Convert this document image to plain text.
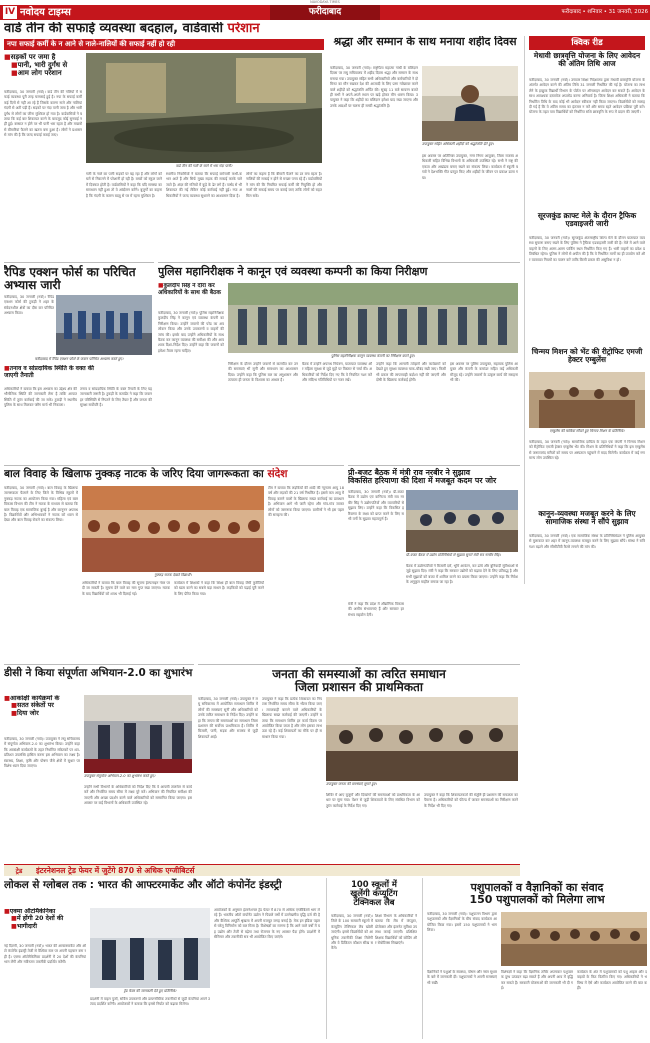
NAVODAYA TIMES
IV नवोदय टाइम्स	फरीदाबाद	फरीदाबाद • शनिवार • 31 जनवरी, 2026
वार्ड तीन की सफाई व्यवस्था बदहाल, वार्डवासी परेशान
नपा सफाई कर्मी के न आने से नाले-नालियों की सफाई नहीं हो रही
■ सड़कों पर जमा है
■ पानी, भारी दुर्गंध से
■ आम लोग परेशान
फरीदाबाद, 30 जनवरी (नवो)। वार्ड तीन की गलियों में सफाई व्यवस्था पूरी तरह चरमराई हुई है। नपा के सफाई कर्मी कई दिनों से नहीं आ रहे हैं जिसके कारण नाले और नालियां गंदगी से अटी पड़ी हैं। सड़कों पर गंदा पानी जमा है और भारी दुर्गंध से लोगों का जीना मुश्किल हो गया है। वार्डवासियों ने बताया कि कई बार शिकायत करने के बावजूद कोई सुनवाई नहीं हुई। बरसात न होने पर भी पानी भरा रहता है और मच्छरों से बीमारियां फैलने का खतरा बना हुआ है। लोगों ने प्रशासन से मांग की है कि जल्द सफाई कराई जाए।
वार्ड तीन की गली के नाले में भरा गंदा पानी।
गली के नाले का पानी सड़कों पर बह रहा है और लोगों को घरों से निकलने में परेशानी हो रही है। बच्चों को स्कूल जाने में दिक्कत होती है। वार्डवासियों ने कहा कि यदि समस्या का समाधान नहीं हुआ तो वे आंदोलन करेंगे। बुजुर्गों का कहना है कि गंदगी के कारण बदबू से घर में रहना मुश्किल है।
स्थानीय निवासियों ने बताया कि सफाई कर्मचारी कभी-कभार आते हैं और सिर्फ मुख्य सड़क की सफाई करके चले जाते हैं। अंदर की गलियों में कूड़े के ढेर लगे हैं। पार्षद से भी शिकायत की गई लेकिन कोई कार्रवाई नहीं हुई। नपा अधिकारियों ने जल्द व्यवस्था सुधारने का आश्वासन दिया है।
लोगों का कहना है कि बीमारी फैलने का डर बना रहता है। नालियों की सफाई न होने से मच्छर पनप रहे हैं। वार्डवासियों ने मांग की कि नियमित सफाई कर्मी की नियुक्ति हो और नालों की सफाई समय पर कराई जाए ताकि लोगों को राहत मिल सके।
श्रद्धा और सम्मान के साथ मनाया शहीद दिवस
फरीदाबाद, 30 जनवरी (नवो)। राष्ट्रपिता महात्मा गांधी के बलिदान दिवस पर लघु सचिवालय में शहीद दिवस श्रद्धा और सम्मान के साथ मनाया गया। उपायुक्त सहित सभी अधिकारियों और कर्मचारियों ने दो मिनट का मौन रखकर देश की आजादी के लिए प्राण न्योछावर करने वाले शहीदों को श्रद्धांजलि अर्पित की। सुबह 11 बजे सायरन बजते ही सभी ने अपने-अपने स्थान पर खड़े होकर मौन धारण किया। उपायुक्त ने कहा कि शहीदों का बलिदान हमेशा याद रखा जाएगा और उनके आदर्शों पर चलना ही सच्ची श्रद्धांजलि है।
उपायुक्त सहित अधिकारी शहीदों को श्रद्धांजलि देते हुए।
इस अवसर पर अतिरिक्त उपायुक्त, नगर निगम आयुक्त, जिला राजस्व अधिकारी सहित विभिन्न विभागों के अधिकारी उपस्थित रहे। सभी ने राष्ट्र की एकता और अखंडता बनाए रखने का संकल्प लिया। कार्यक्रम में स्कूली बच्चों ने देशभक्ति गीत प्रस्तुत किए और शहीदों के जीवन पर प्रकाश डाला गया।
क्विक रीड
मेधावी छात्रवृत्ति योजना के लिए आवेदन की अंतिम तिथि आज
फरीदाबाद, 30 जनवरी (नवो)। उच्चतर शिक्षा निदेशालय द्वारा मेधावी छात्रवृत्ति योजना के अंतर्गत आवेदन करने की अंतिम तिथि 31 जनवरी निर्धारित की गई है। योजना का लाभ लेने के इच्छुक विद्यार्थी विभाग के पोर्टल पर ऑनलाइन आवेदन कर सकते हैं। आवेदन के साथ आवश्यक दस्तावेज अपलोड करना अनिवार्य है। जिला शिक्षा अधिकारी ने बताया कि निर्धारित तिथि के बाद कोई भी आवेदन स्वीकार नहीं किया जाएगा। विद्यार्थियों को सलाह दी गई है कि वे अंतिम समय का इंतजार न करें और समय रहते आवेदन प्रक्रिया पूरी करें। योजना के तहत पात्र विद्यार्थियों को निर्धारित राशि छात्रवृत्ति के रूप में प्रदान की जाएगी।
सूरजकुंड क्राफ्ट मेले के दौरान ट्रैफिक एडवाइजरी जारी
फरीदाबाद, 30 जनवरी (नवो)। सूरजकुंड अंतरराष्ट्रीय शिल्प मेले के दौरान यातायात व्यवस्था सुचारू बनाए रखने के लिए पुलिस ने ट्रैफिक एडवाइजरी जारी की है। मेले में आने वाले वाहनों के लिए अलग-अलग पार्किंग स्थल निर्धारित किए गए हैं। भारी वाहनों का प्रवेश प्रतिबंधित रहेगा। पुलिस ने लोगों से अपील की है कि वे निर्धारित मार्गों का ही उपयोग करें और यातायात नियमों का पालन करें ताकि किसी प्रकार की असुविधा न हो।
चिन्मय मिशन को भेंट की रीट्रोफिट एमजी हेक्टर एम्बुलेंस
एम्बुलेंस की चाबियां सौंपते हुए चिन्मय मिशन के प्रतिनिधि।
फरीदाबाद, 30 जनवरी (नवो)। सामाजिक दायित्व के तहत एक कंपनी ने चिन्मय मिशन को रीट्रोफिट एमजी हेक्टर एम्बुलेंस भेंट की। मिशन के प्रतिनिधियों ने कहा कि इस एम्बुलेंस से जरूरतमंद मरीजों को समय पर अस्पताल पहुंचाने में मदद मिलेगी। कार्यक्रम में कई गणमान्य लोग उपस्थित रहे।
कानून-व्यवस्था मजबूत करने के लिए सामाजिक संस्था ने सौंपे सुझाव
फरीदाबाद, 30 जनवरी (नवो)। एक सामाजिक संस्था के प्रतिनिधिमंडल ने पुलिस आयुक्त से मुलाकात कर शहर में कानून-व्यवस्था मजबूत करने के लिए सुझाव सौंपे। संस्था ने रात्रि गश्त बढ़ाने और सीसीटीवी कैमरे लगाने की मांग की।
रैपिड एक्शन फोर्स का परिचित अभ्यास जारी
फरीदाबाद, 30 जनवरी (नवो)। रैपिड एक्शन फोर्स की टुकड़ी ने शहर के संवेदनशील क्षेत्रों का दौरा कर परिचित अभ्यास किया।
फरीदाबाद में रैपिड एक्शन फोर्स के जवान परिचित अभ्यास करते हुए।
■ तनाव व सांप्रदायिक स्थिति के वक्त की जाएगी तैनाती
अधिकारियों ने बताया कि इस अभ्यास का उद्देश्य क्षेत्र की भौगोलिक स्थिति की जानकारी लेना है ताकि आपात स्थिति में तुरंत कार्रवाई की जा सके। टुकड़ी ने स्थानीय पुलिस के साथ मिलकर फ्लैग मार्च भी निकाला।
तनाव व सांप्रदायिक स्थिति के वक्त तैनाती के लिए यह जानकारी जरूरी है। टुकड़ी के कमांडेंट ने कहा कि जवान हर परिस्थिति से निपटने के लिए तैयार हैं और जनता की सुरक्षा सर्वोपरि है।
पुलिस महानिरीक्षक ने कानून एवं व्यवस्था कम्पनी का किया निरीक्षण
■ कुलदीप सिंह ने दौरा कर अधिकारियों के साथ की बैठक
फरीदाबाद, 30 जनवरी (नवो)। पुलिस महानिरीक्षक कुलदीप सिंह ने कानून एवं व्यवस्था कंपनी का निरीक्षण किया। उन्होंने जवानों की परेड का अवलोकन किया और उनके उपकरणों व वाहनों की जांच की। इसके बाद उन्होंने अधिकारियों के साथ बैठक कर कानून व्यवस्था की समीक्षा की और आवश्यक दिशा-निर्देश दिए। उन्होंने कहा कि जवानों को हमेशा तैयार रहना चाहिए।
पुलिस महानिरीक्षक कानून व्यवस्था कंपनी का निरीक्षण करते हुए।
निरीक्षण के दौरान उन्होंने जवानों से बातचीत कर उनकी समस्याएं भी सुनीं और समाधान का आश्वासन दिया। उन्होंने कहा कि पुलिस बल का अनुशासन और तत्परता ही जनता के विश्वास का आधार है।
बैठक में उन्होंने अपराध नियंत्रण, यातायात व्यवस्था और महिला सुरक्षा से जुड़े मुद्दों पर विस्तार से चर्चा की। अधिकारियों को निर्देश दिए गए कि वे नियमित गश्त करें और संदिग्ध गतिविधियों पर नजर रखें।
उन्होंने कहा कि आगामी त्योहारों और कार्यक्रमों को देखते हुए सुरक्षा व्यवस्था चाक-चौबंद रखी जाए। किसी भी प्रकार की लापरवाही बर्दाश्त नहीं की जाएगी और दोषी के खिलाफ कार्रवाई होगी।
इस अवसर पर पुलिस उपायुक्त, सहायक पुलिस आयुक्त और कंपनी के कमांडर सहित कई अधिकारी मौजूद रहे। उन्होंने जवानों के उत्कृष्ट कार्य की सराहना भी की।
बाल विवाह के खिलाफ नुक्कड़ नाटक के जरिए दिया जागरूकता का संदेश
फरीदाबाद, 30 जनवरी (नवो)। बाल विवाह के खिलाफ जागरूकता फैलाने के लिए जिले के विभिन्न स्कूलों में नुक्कड़ नाटक का आयोजन किया गया। महिला एवं बाल विकास विभाग की टीम ने नाटक के माध्यम से बताया कि बाल विवाह एक सामाजिक बुराई है और कानूनन अपराध है। विद्यार्थियों और अभिभावकों ने नाटक को ध्यान से देखा और बाल विवाह रोकने का संकल्प लिया।
नुक्कड़ नाटक देखते विद्यार्थी।
अधिकारियों ने बताया कि बाल विवाह की सूचना हेल्पलाइन नंबर पर दी जा सकती है। सूचना देने वाले का नाम गुप्त रखा जाएगा। नाटक के बाद विद्यार्थियों को शपथ भी दिलाई गई।
कार्यक्रम में शिक्षकों ने कहा कि शिक्षा ही बाल विवाह जैसी कुरीतियों को खत्म करने का सबसे बड़ा साधन है। लड़कियों को पढ़ाई पूरी करने के लिए प्रेरित किया गया।
टीम ने बताया कि लड़कियों की शादी की न्यूनतम आयु 18 वर्ष और लड़कों की 21 वर्ष निर्धारित है। इससे कम आयु में विवाह कराने वालों के खिलाफ सख्त कार्रवाई का प्रावधान है। अभियान आगे भी जारी रहेगा और गांव-गांव जाकर लोगों को जागरूक किया जाएगा। ग्रामीणों ने भी इस पहल की सराहना की।
प्री-बजट बैठक में मंत्री राव नरबीर ने सुझाव
विकसित हरियाणा की दिशा में मजबूत कदम पर जोर
फरीदाबाद, 30 जनवरी (नवो)। प्री-बजट बैठक में उद्योग एवं वाणिज्य मंत्री राव नरबीर सिंह ने उद्योगपतियों और व्यापारियों से सुझाव लिए। उन्होंने कहा कि विकसित हरियाणा के लक्ष्य को प्राप्त करने के लिए सभी वर्गों के सुझाव महत्वपूर्ण हैं।
प्री-बजट बैठक में उद्योग प्रतिनिधियों से सुझाव सुनते मंत्री राव नरबीर सिंह।
बैठक में उद्योगपतियों ने बिजली दरों, भूमि आवंटन, कर ढांचे और बुनियादी सुविधाओं से जुड़े सुझाव दिए। मंत्री ने कहा कि सरकार उद्योगों को बढ़ावा देने के लिए प्रतिबद्ध है और सभी सुझावों को बजट में शामिल करने का प्रयास किया जाएगा। उन्होंने कहा कि निवेश के अनुकूल माहौल बनाया जा रहा है।
मंत्री ने कहा कि प्रदेश में औद्योगिक विकास की असीम संभावनाएं हैं और सरकार हर संभव सहयोग देगी।
डीसी ने किया संपूर्णता अभियान-2.0 का शुभारंभ
■ आकांक्षी कार्यक्रमों के
■ सतत संकेतों पर
■ दिया जोर
फरीदाबाद, 30 जनवरी (नवो)। उपायुक्त ने लघु सचिवालय में संपूर्णता अभियान-2.0 का शुभारंभ किया। उन्होंने कहा कि आकांक्षी कार्यक्रमों के तहत निर्धारित संकेतकों पर शत-प्रतिशत उपलब्धि हासिल करना इस अभियान का लक्ष्य है। स्वास्थ्य, शिक्षा, कृषि और पोषण जैसे क्षेत्रों में सुधार पर विशेष ध्यान दिया जाएगा।
उपायुक्त संपूर्णता अभियान-2.0 का शुभारंभ करते हुए।
उन्होंने सभी विभागों के अधिकारियों को निर्देश दिए कि वे आपसी तालमेल से कार्य करें और निर्धारित समय सीमा में लक्ष्य पूरे करें। अभियान की नियमित समीक्षा की जाएगी और अच्छा प्रदर्शन करने वाले अधिकारियों को सम्मानित किया जाएगा। इस अवसर पर कई विभागों के अधिकारी उपस्थित रहे।
जनता की समस्याओं का त्वरित समाधान
जिला प्रशासन की प्राथमिकता
फरीदाबाद, 30 जनवरी (नवो)। उपायुक्त ने लघु सचिवालय में आयोजित समाधान शिविर में लोगों की समस्याएं सुनीं और अधिकारियों को उनके त्वरित समाधान के निर्देश दिए। उन्होंने कहा कि जनता की समस्याओं का समाधान जिला प्रशासन की सर्वोच्च प्राथमिकता है। शिविर में बिजली, पानी, सड़क और राजस्व से जुड़ी शिकायतें आईं।
उपायुक्त ने कहा कि प्रत्येक शिकायत का निपटारा निर्धारित समय सीमा के भीतर किया जाए। लापरवाही बरतने वाले अधिकारियों के खिलाफ सख्त कार्रवाई की जाएगी। उन्होंने बताया कि समाधान शिविर हर कार्य दिवस पर आयोजित किया जाता है और लोग इसका लाभ उठा रहे हैं। कई शिकायतों का मौके पर ही समाधान किया गया।
उपायुक्त जनता की समस्याएं सुनते हुए।
शिविर में आए बुजुर्गों और दिव्यांगों की समस्याओं को प्राथमिकता के आधार पर सुना गया। पेंशन से जुड़ी शिकायतों के लिए संबंधित विभाग को तुरंत कार्रवाई के निर्देश दिए गए।
उपायुक्त ने कहा कि शिकायतकर्ता की संतुष्टि ही प्रशासन की सफलता का पैमाना है। अधिकारियों को फील्ड में जाकर समस्याओं का निरीक्षण करने के निर्देश भी दिए गए।
ट्रेड	इंटरनेशनल ट्रेड फेयर में जुटेंगे 870 से अधिक एग्जीबिटर्स
लोकल से ग्लोबल तक : भारत की आफ्टरमार्केट और ऑटो कंपोनेंट इंडस्ट्री
■ एक्मा ऑटोमैकेनिका
■ में होंगी 20 देशों की
■ भागीदारी
नई दिल्ली, 30 जनवरी (नवो)। भारत की आफ्टरमार्केट और ऑटो कंपोनेंट इंडस्ट्री तेजी से वैश्विक स्तर पर अपनी पहचान बना रही है। एक्मा ऑटोमैकेनिका प्रदर्शनी में 20 देशों की कंपनियां भाग लेंगी और नवीनतम तकनीकें प्रदर्शित करेंगी।
ट्रेड फेयर की जानकारी देते हुए प्रतिनिधि।
प्रदर्शनी में वाहन पुर्जों, सर्विस उपकरणों और डायग्नोस्टिक तकनीकों से जुड़ी कंपनियां अपने उत्पाद प्रदर्शित करेंगी। आयोजकों ने बताया कि इससे निर्यात को बढ़ावा मिलेगा।
आयोजकों के अनुसार इंटरनेशनल ट्रेड फेयर में 870 से अधिक एग्जीबिटर्स भाग ले रहे हैं। भारतीय ऑटो कंपोनेंट उद्योग ने पिछले वर्षों में उल्लेखनीय वृद्धि दर्ज की है और वैश्विक आपूर्ति श्रृंखला में अपनी मजबूत जगह बनाई है। मेक इन इंडिया पहल से घरेलू विनिर्माण को बल मिला है। विशेषज्ञों का मानना है कि आने वाले वर्षों में यह उद्योग और तेजी से बढ़ेगा तथा रोजगार के नए अवसर पैदा होंगे। प्रदर्शनी में सेमिनार और तकनीकी सत्र भी आयोजित किए जाएंगे।
100 स्कूलों में
खुलेंगी कंप्यूटिंग
टेक्निकल लैब
फरीदाबाद, 30 जनवरी (नवो)। जिले के 100 सरकारी स्कूलों में कंप्यूटिंग टेक्निकल लैब खोली जाएंगी। इससे विद्यार्थियों को आधुनिक तकनीकी शिक्षा मिलेगी और वे डिजिटल कौशल सीख सकेंगे।
शिक्षा विभाग के अधिकारियों ने बताया कि लैब में कंप्यूटर, प्रोजेक्टर और इंटरनेट सुविधा उपलब्ध कराई जाएगी। प्रशिक्षित शिक्षक विद्यार्थियों को कोडिंग और रोबोटिक्स सिखाएंगे।
पशुपालकों व वैज्ञानिकों का संवाद
150 पशुपालकों को मिलेगा लाभ
फरीदाबाद, 30 जनवरी (नवो)। पशुपालन विभाग द्वारा पशुपालकों और वैज्ञानिकों के बीच संवाद कार्यक्रम आयोजित किया गया। इसमें 150 पशुपालकों ने भाग लिया।
वैज्ञानिकों ने पशुओं के स्वास्थ्य, पोषण और नस्ल सुधार के बारे में जानकारी दी। पशुपालकों ने अपनी समस्याएं भी रखीं।
विशेषज्ञों ने कहा कि वैज्ञानिक तरीके अपनाकर पशुपालक दुग्ध उत्पादन बढ़ा सकते हैं और अपनी आय में वृद्धि कर सकते हैं। सरकारी योजनाओं की जानकारी भी दी गई।
कार्यक्रम के अंत में पशुपालकों को पशु आहार और दवाइयों के किट वितरित किए गए। अधिकारियों ने भविष्य में ऐसे और कार्यक्रम आयोजित करने की बात कही।
